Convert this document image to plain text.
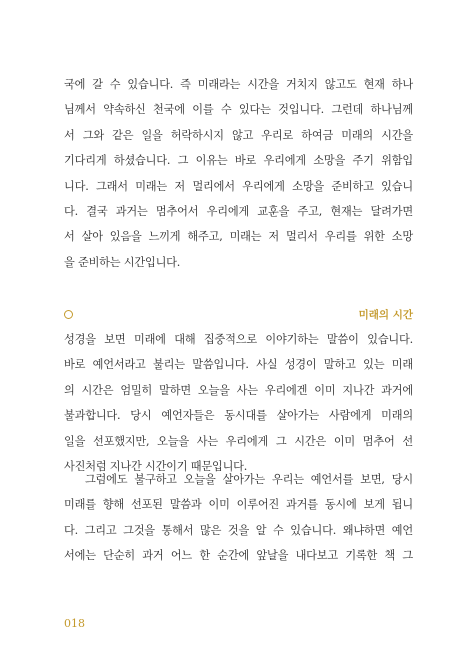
국에 갈 수 있습니다. 즉 미래라는 시간을 거치지 않고도 현재 하나
님께서 약속하신 천국에 이를 수 있다는 것입니다. 그런데 하나님께
서 그와 같은 일을 허락하시지 않고 우리로 하여금 미래의 시간을
기다리게 하셨습니다. 그 이유는 바로 우리에게 소망을 주기 위함입
니다. 그래서 미래는 저 멀리에서 우리에게 소망을 준비하고 있습니
다. 결국 과거는 멈추어서 우리에게 교훈을 주고, 현재는 달려가면
서 살아 있음을 느끼게 해주고, 미래는 저 멀리서 우리를 위한 소망
을 준비하는 시간입니다.
미래의 시간
성경을 보면 미래에 대해 집중적으로 이야기하는 말씀이 있습니다.
바로 예언서라고 불리는 말씀입니다. 사실 성경이 말하고 있는 미래
의 시간은 엄밀히 말하면 오늘을 사는 우리에겐 이미 지나간 과거에
불과합니다. 당시 예언자들은 동시대를 살아가는 사람에게 미래의
일을 선포했지만, 오늘을 사는 우리에게 그 시간은 이미 멈추어 선
사진처럼 지나간 시간이기 때문입니다.
그럼에도 불구하고 오늘을 살아가는 우리는 예언서를 보면, 당시
미래를 향해 선포된 말씀과 이미 이루어진 과거를 동시에 보게 됩니
다. 그리고 그것을 통해서 많은 것을 알 수 있습니다. 왜냐하면 예언
서에는 단순히 과거 어느 한 순간에 앞날을 내다보고 기록한 책 그
018
